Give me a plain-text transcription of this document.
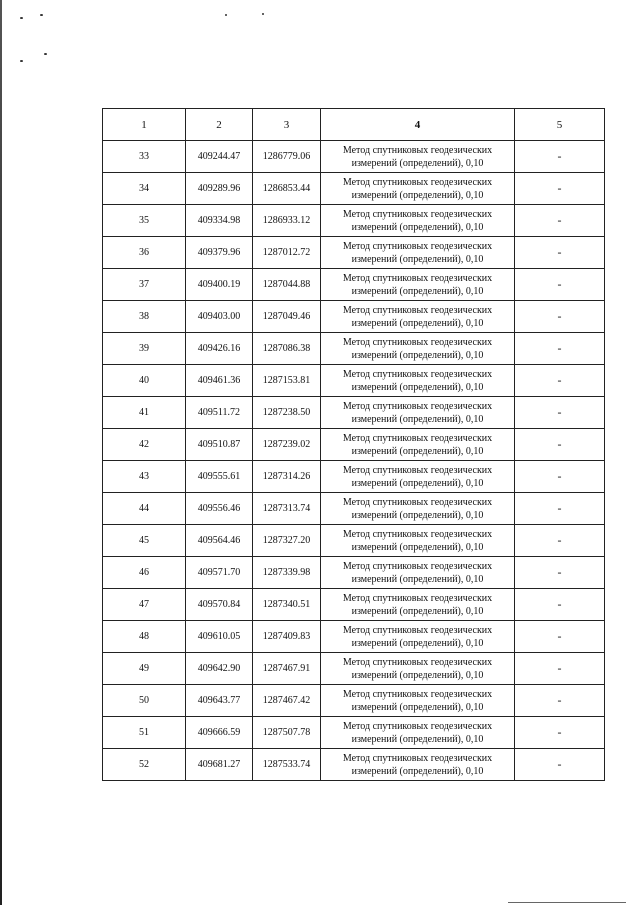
1	2	3	4	5
33	409244.47	1286779.06	Метод спутниковых геодезических
измерений (определений), 0,10	-
34	409289.96	1286853.44	Метод спутниковых геодезических
измерений (определений), 0,10	-
35	409334.98	1286933.12	Метод спутниковых геодезических
измерений (определений), 0,10	-
36	409379.96	1287012.72	Метод спутниковых геодезических
измерений (определений), 0,10	-
37	409400.19	1287044.88	Метод спутниковых геодезических
измерений (определений), 0,10	-
38	409403.00	1287049.46	Метод спутниковых геодезических
измерений (определений), 0,10	-
39	409426.16	1287086.38	Метод спутниковых геодезических
измерений (определений), 0,10	-
40	409461.36	1287153.81	Метод спутниковых геодезических
измерений (определений), 0,10	-
41	409511.72	1287238.50	Метод спутниковых геодезических
измерений (определений), 0,10	-
42	409510.87	1287239.02	Метод спутниковых геодезических
измерений (определений), 0,10	-
43	409555.61	1287314.26	Метод спутниковых геодезических
измерений (определений), 0,10	-
44	409556.46	1287313.74	Метод спутниковых геодезических
измерений (определений), 0,10	-
45	409564.46	1287327.20	Метод спутниковых геодезических
измерений (определений), 0,10	-
46	409571.70	1287339.98	Метод спутниковых геодезических
измерений (определений), 0,10	-
47	409570.84	1287340.51	Метод спутниковых геодезических
измерений (определений), 0,10	-
48	409610.05	1287409.83	Метод спутниковых геодезических
измерений (определений), 0,10	-
49	409642.90	1287467.91	Метод спутниковых геодезических
измерений (определений), 0,10	-
50	409643.77	1287467.42	Метод спутниковых геодезических
измерений (определений), 0,10	-
51	409666.59	1287507.78	Метод спутниковых геодезических
измерений (определений), 0,10	-
52	409681.27	1287533.74	Метод спутниковых геодезических
измерений (определений), 0,10	-
